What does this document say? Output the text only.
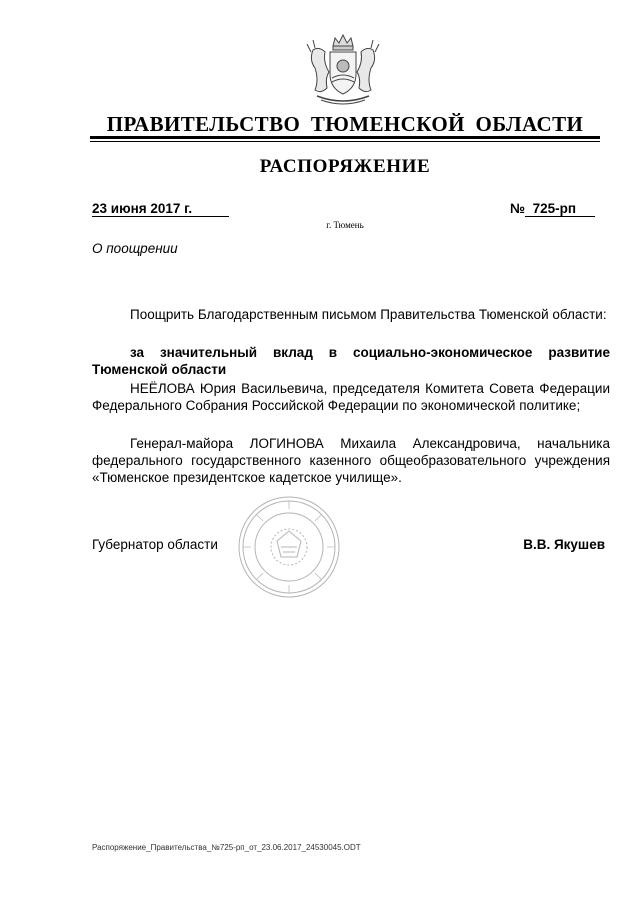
ПРАВИТЕЛЬСТВО ТЮМЕНСКОЙ ОБЛАСТИ
РАСПОРЯЖЕНИЕ
23 июня 2017 г.	№ 725-рп
г. Тюмень
О поощрении
Поощрить Благодарственным письмом Правительства Тюменской области:
за значительный вклад в социально-экономическое развитие Тюменской области
НЕЁЛОВА Юрия Васильевича, председателя Комитета Совета Федерации Федерального Собрания Российской Федерации по экономической политике;
Генерал-майора ЛОГИНОВА Михаила Александровича, начальника федерального государственного казенного общеобразовательного учреждения «Тюменское президентское кадетское училище».
Губернатор области	В.В. Якушев
Распоряжение_Правительства_№725-рп_от_23.06.2017_24530045.ODT
